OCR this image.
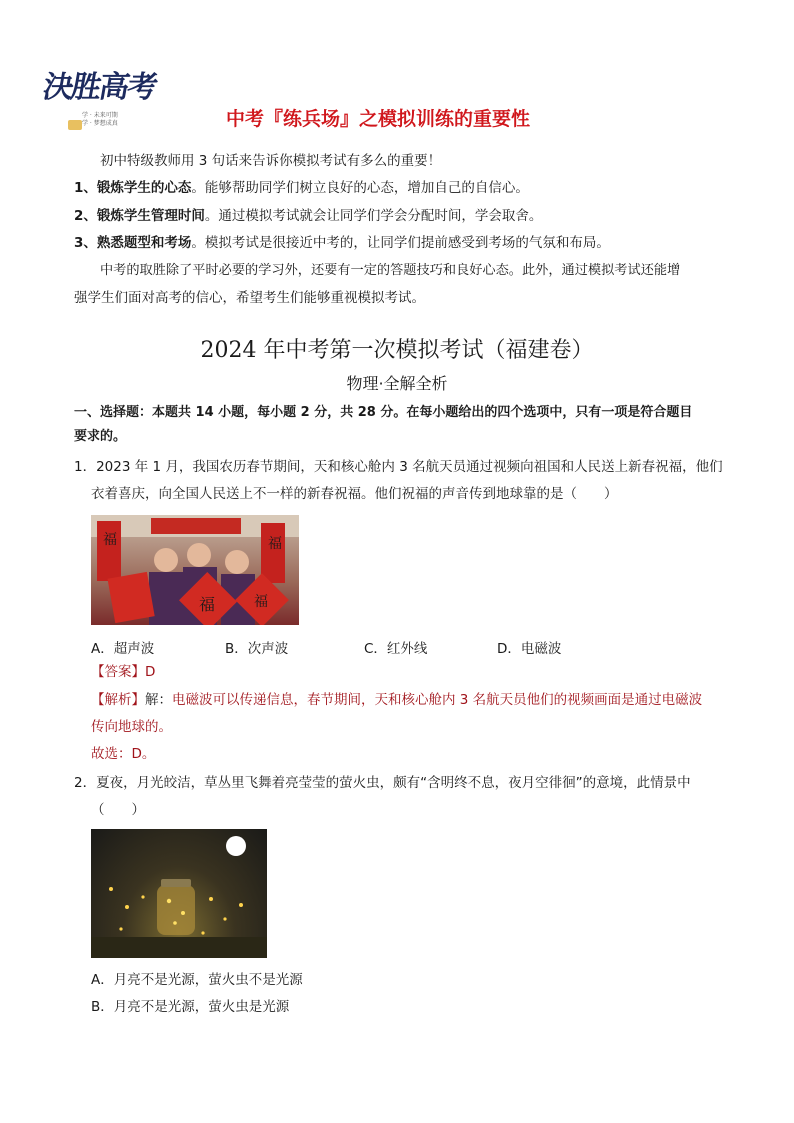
決胜高考
学 · 未来可期
学 · 梦想成真	中考『练兵场』之模拟训练的重要性
初中特级教师用 3 句话来告诉你模拟考试有多么的重要！
1、锻炼学生的心态。能够帮助同学们树立良好的心态，增加自己的自信心。
2、锻炼学生管理时间。通过模拟考试就会让同学们学会分配时间，学会取舍。
3、熟悉题型和考场。模拟考试是很接近中考的，让同学们提前感受到考场的气氛和布局。
中考的取胜除了平时必要的学习外，还要有一定的答题技巧和良好心态。此外，通过模拟考试还能增
强学生们面对高考的信心，希望考生们能够重视模拟考试。
2024 年中考第一次模拟考试（福建卷）
物理·全解全析
一、选择题：本题共 14 小题，每小题 2 分，共 28 分。在每小题给出的四个选项中，只有一项是符合题目
要求的。
1．2023 年 1 月，我国农历春节期间，天和核心舱内 3 名航天员通过视频向祖国和人民送上新春祝福，他们
衣着喜庆，向全国人民送上不一样的新春祝福。他们祝福的声音传到地球靠的是（　　）
福	福
福	福
A．超声波	B．次声波	C．红外线	D．电磁波
【答案】D
【解析】解：电磁波可以传递信息，春节期间，天和核心舱内 3 名航天员他们的视频画面是通过电磁波
传向地球的。
故选：D。
2．夏夜，月光皎洁，草丛里飞舞着亮莹莹的萤火虫，颇有“含明终不息，夜月空徘徊”的意境，此情景中
（　　）
A．月亮不是光源，萤火虫不是光源
B．月亮不是光源，萤火虫是光源
